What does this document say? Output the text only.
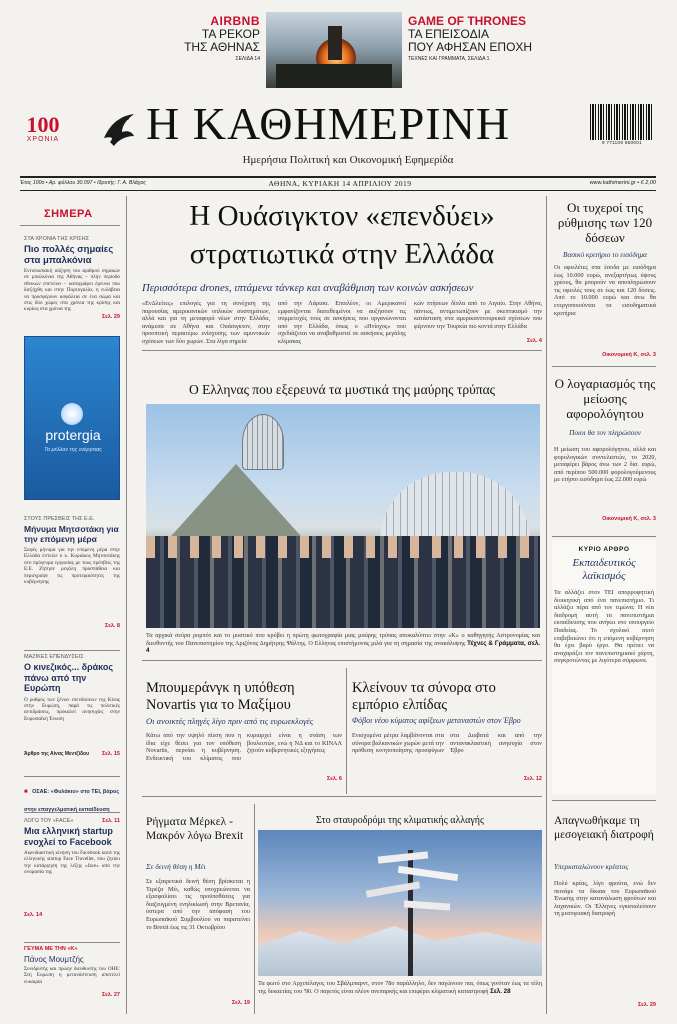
AIRBNB
ΤΑ ΡΕΚΟΡ
ΤΗΣ ΑΘΗΝΑΣ
ΣΕΛΙΔΑ 14
GAME OF THRONES
ΤΑ ΕΠΕΙΣΟΔΙΑ
ΠΟΥ ΑΦΗΣΑΝ ΕΠΟΧΗ
ΤΕΧΝΕΣ ΚΑΙ ΓΡΑΜΜΑΤΑ, ΣΕΛΙΔΑ 1
100
ΧΡΟΝΙΑ Η ΚΑΘΗΜΕΡΙΝΗ
Ημερήσια Πολιτική και Οικονομική Εφημερίδα
9 771109 850001
Έτος 100ο • Αρ. φύλλου 30.097 • Ιδρυτής: Γ. Α. Βλάχος	ΑΘΗΝΑ, ΚΥΡΙΑΚΗ 14 ΑΠΡΙΛΙΟΥ 2019	www.kathimerini.gr • € 2,00
ΣΗΜΕΡΑ
ΣΤΑ ΧΡΟΝΙΑ ΤΗΣ ΚΡΙΣΗΣ
Πιο πολλές σημαίες στα μπαλκόνια
Εντυπωσιακή αύξηση του αριθμού σημαιών σε μπαλκόνια της Αθήνας – πλην περίοδο εθνικών επετείων – καταγράφει έρευνα που διεξήχθη και στην Πορτογαλία, η ευλάβεια να προσφέρουν ασφάλεια σε ένα σώμα και στις δύο χώρες στα χρόνια της κρίσης και κυρίως στα χρόνια της
Σελ. 29
protergia
Το μέλλον της ενέργειας
ΣΤΟΥΣ ΠΡΕΣΒΕΙΣ ΤΗΣ Ε.Ε.
Μήνυμα Μητσοτάκη για την επόμενη μέρα
Σαφές μήνυμα για την επόμενη μέρα στην Ελλάδα έστειλε ο κ. Κυριάκος Μητσοτάκης στο πρόγευμα εργασίας με τους πρέσβεις της Ε.Ε. Ζήτησε μεγάλη προσπάθεια και περιέγραψε τις προτεραιότητες της κυβέρνησης
Σελ. 8
ΜΑΖΙΚΕΣ ΕΠΕΝΔΥΣΕΙΣ
Ο κινεζικός... δράκος πάνω από την Ευρώπη
Ο ρυθμός των ξένων επενδύσεων της Κίνας στην Ευρώπη, παρά τις πολιτικές αντιδράσεις, προκαλεί ανησυχίες στην Ευρωπαϊκή Ένωση
Άρθρο της Αίνας Μεντζίδου Σελ. 15
■ ΟΣΑΕ: «Φυλάκιο» στο ΤΕΙ, βάρος στην επαγγελματική εκπαίδευση
Σελ. 11
ΛΟΓΩ ΤΟΥ «FACE»
Μια ελληνική startup ενοχλεί το Facebook
Αιφνιδιαστική κίνηση του Facebook κατά της ελληνικής startup Face Traveller, που ζητάει την κατάργηση της λέξης «face» από την ονομασία της
Σελ. 14
ΓΕΥΜΑ ΜΕ ΤΗΝ «Κ»
Πάνος Μουμτζής
Συνιδρυτής και πρώην διευθυντής του ΟΗΕ: Στη Ευρώπη η μετανάστευση αποτελεί ευκαιρία
Σελ. 27
Η Ουάσιγκτον «επενδύει»
στρατιωτικά στην Ελλάδα
Περισσότερα drones, ιπτάμενα τάνκερ και αναβάθμιση των κοινών ασκήσεων
«ΕνΔλείτες» επιλογές για τη συνέχιση της παρουσίας αμερικανικών οπλικών συστημάτων, αλλά και για τη μεταφορά νέων στην Ελλάδα, ανάμεσα σε Αθήνα και Ουάσιγκτον, στην προοπτική περαιτέρω ενίσχυσης των αμυντικών σχέσεων των δύο χωρών. Στα λίγα σημεία
από την Λάρισα. Επιπλέον, οι Αμερικανοί εμφανίζονται διατεθειμένοι να αυξήσουν τις συμμετοχές τους σε ασκήσεις που οργανώνονται από την Ελλάδα, όπως ο «Ηνίοχος» που σχεδιάζεται να αναβαθμιστεί σε ασκήσεις μεγάλης κλίμακας
κών πτήσεων δίπλα από το Αιγαίο. Στην Αθήνα, πάντως, αντιμετωπίζουν με σκεπτικισμό την κατάσταση στα αμερικανοτουρκικά σχέσεων που φέρνουν την Τουρκία πιο κοντά στην Ελλάδα
Σελ. 4
Ο Ελληνας που εξερευνά τα μυστικά της μαύρης τρύπας
Τα αρχικά σεύρα ρομπότ και το μυστικό που κρύβει η πρώτη φωτογραφία μιας μαύρης τρύπας αποκαλύπτει στην «Κ» ο καθηγητής Αστρονομίας και διευθυντής του Πανεπιστημίου της Αριζόνας Δημήτρης Ψάλτης. Ο Ελληνας επιστήμονας μιλά για τη σημασία της ανακάλυψης Τέχνες & Γράμματα, σελ. 4
Μπουμεράνγκ η υπόθεση Novartis για το Μαξίμου
Οι ανοικτές πληγές λίγο πριν από τις ευρωεκλογές
Κάτω από την υψηλό πίεση που η ίδια είχε θέσει για τον υπόθεση Novartis, περνάει η κυβέρνηση. Ενδεικτική του κλίματος που κυριαρχεί είναι η στάση των βουλευτών, ενώ η ΝΔ και το ΚΙΝΑΛ ζητούν κυβερνητικές εξηγήσεις
Σελ. 6
Κλείνουν τα σύνορα στο εμπόριο ελπίδας
Φόβοι νέου κύματος αφίξεων μεταναστών στον Έβρο
Ενισχυμένα μέτρα λαμβάνονται στα σύνορα βαλκανικών χωρών μετά την πρόθεση κινητοποίησης προσφύγων στα Διαβατά και από την αντανακλαστική ανησυχία στον Έβρο
Σελ. 12
Ρήγματα Μέρκελ - Μακρόν λόγω Brexit
Σε δεινή θέση η Μέι
Σε εξαιρετικά δεινή θέση βρίσκεται η Τερέζα Μέι, καθώς υποχρεώνεται να εξασφαλίσει τις προϋποθέσεις για διαζευγμένη ενηλικίωσή στην Βρετανία, ύστερα από την απόφαση του Ευρωπαϊκού Συμβουλίου να παρατείνει το Brexit έως τις 31 Οκτωβρίου
Σελ. 19
Στο σταυροδρόμι της κλιματικής αλλαγής
Τα φωτό στο Αρχιπέλαγος του Σβάλμπαρντ, στον 78ο παράλληλο, δεν παγώνουν πια, όπως γινόταν έως τα τέλη της δεκαετίας του '90. Ο παγετός είναι πλέον ανεπαρκής και επιφέρει κλιματική καταστροφή Σελ. 28
Οι τυχεροί της ρύθμισης των 120 δόσεων
Βασικό κριτήριο το εισόδημα
Οι οφειλέτες στα έσοδα με εισόδημα έως 10.000 ευρώ, ανεξαρτήτως ύψους χρέους, θα μπορούν να αποπληρώσουν τις οφειλές τους σε έως και 120 δόσεις. Από το 10.000 ευρώ και άνω θα ενεργοποιούνται τα εισοδηματικά κριτήρια
Οικονομική Κ, σελ. 3
Ο λογαριασμός της μείωσης αφορολόγητου
Ποιοι θα τον πληρώσουν
Η μείωση του αφορολόγητου, αλλά και φορολογικών συντελεστών, το 2020, μεταφέρει βάρος άνω των 2 δισ. ευρώ, από περίπου 500.000 φορολογούμενους με ετήσιο εισόδημα έως 22.000 ευρώ
Οικονομική Κ, σελ. 3
ΚΥΡΙΟ ΑΡΘΡΟ
Εκπαιδευτικός λαϊκισμός
Τα αλλάζει στον ΤΕΙ απορροφητική διοικητική από ένα πανεπιστήμιο. Τι αλλάζει πέρα από τον τιμώνα; Η νέα διαδρομή αυτή τα πανεπιστήμια εκπαίδευσης που ανήκει στο υπουργείο Παιδείας. Το σχολικό αυτό επιβεβαιώνει ότι η επόμενη κυβέρνηση θα έχει βαρύ έργο. Θα πρέπει να αναχαράξει τον πανεπιστημιακό χάρτη, συγκροτώντας με λιγότερα σύμφωνα.
Απαγνωθήκαμε τη μεσογειακή διατροφή
Υπερκαταλώνουν κρέατος
Πολύ κρέας, λίγο φρούτα, ενώ δεν πεινάμε τα δίκαια του Ευρωπαϊκού Ένωσης στην κατανάλωση φρούτων και λαχανικών. Οι Έλληνες εγκαταλείπουν τη μεσογειακή διατροφή
Σελ. 29
